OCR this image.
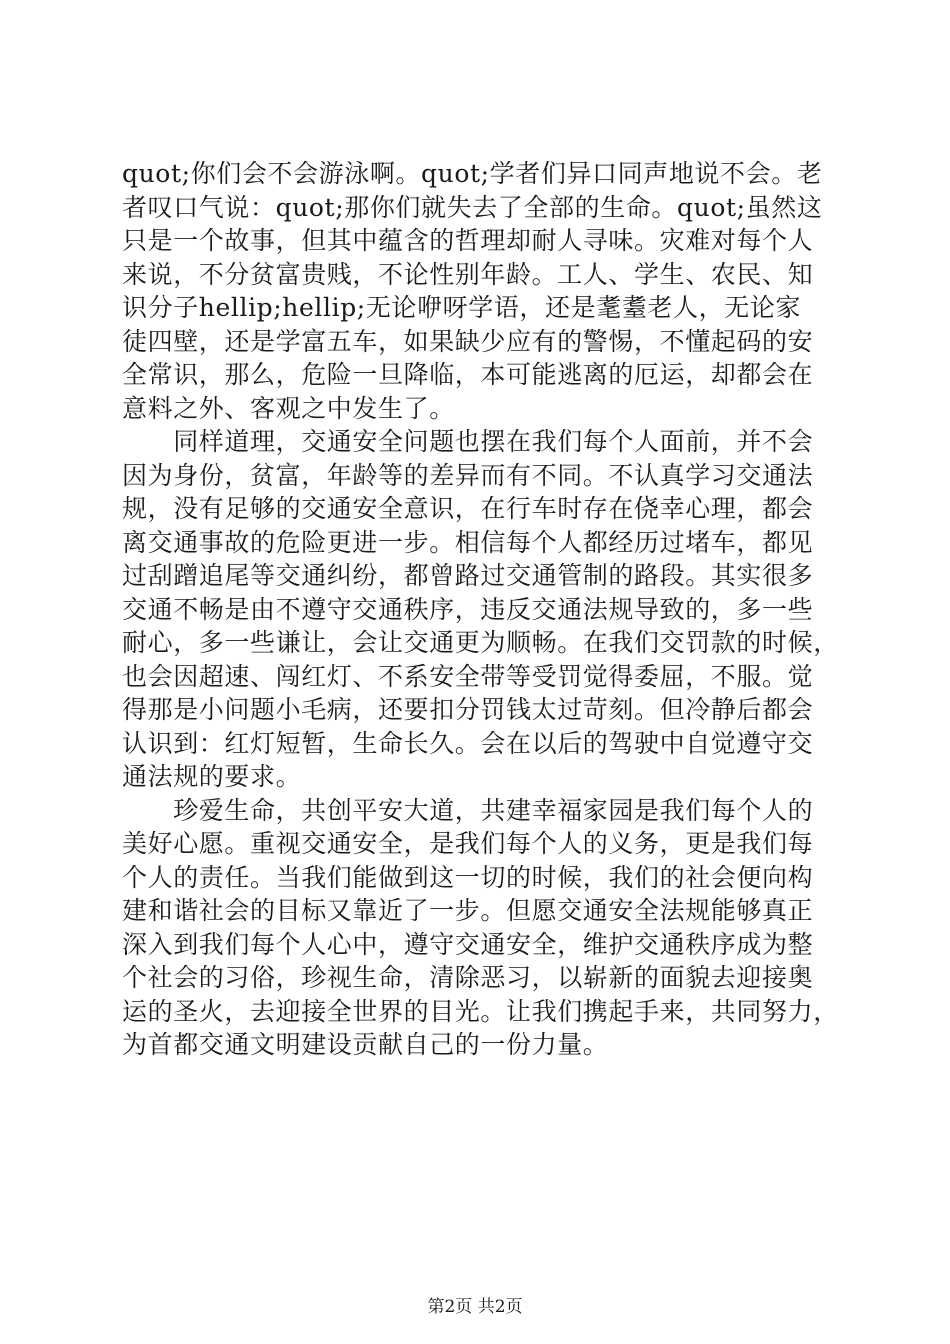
quot;你们会不会游泳啊。quot;学者们异口同声地说不会。老
者叹口气说：quot;那你们就失去了全部的生命。quot;虽然这
只是一个故事，但其中蕴含的哲理却耐人寻味。灾难对每个人
来说，不分贫富贵贱，不论性别年龄。工人、学生、农民、知
识分子hellip;hellip;无论咿呀学语，还是耄耋老人，无论家
徒四壁，还是学富五车，如果缺少应有的警惕，不懂起码的安
全常识，那么，危险一旦降临，本可能逃离的厄运，却都会在
意料之外、客观之中发生了。
　　同样道理，交通安全问题也摆在我们每个人面前，并不会
因为身份，贫富，年龄等的差异而有不同。不认真学习交通法
规，没有足够的交通安全意识，在行车时存在侥幸心理，都会
离交通事故的危险更进一步。相信每个人都经历过堵车，都见
过刮蹭追尾等交通纠纷，都曾路过交通管制的路段。其实很多
交通不畅是由不遵守交通秩序，违反交通法规导致的，多一些
耐心，多一些谦让，会让交通更为顺畅。在我们交罚款的时候，
也会因超速、闯红灯、不系安全带等受罚觉得委屈，不服。觉
得那是小问题小毛病，还要扣分罚钱太过苛刻。但冷静后都会
认识到：红灯短暂，生命长久。会在以后的驾驶中自觉遵守交
通法规的要求。
　　珍爱生命，共创平安大道，共建幸福家园是我们每个人的
美好心愿。重视交通安全，是我们每个人的义务，更是我们每
个人的责任。当我们能做到这一切的时候，我们的社会便向构
建和谐社会的目标又靠近了一步。但愿交通安全法规能够真正
深入到我们每个人心中，遵守交通安全，维护交通秩序成为整
个社会的习俗，珍视生命，清除恶习，以崭新的面貌去迎接奥
运的圣火，去迎接全世界的目光。让我们携起手来，共同努力，
为首都交通文明建设贡献自己的一份力量。
第2页 共2页
